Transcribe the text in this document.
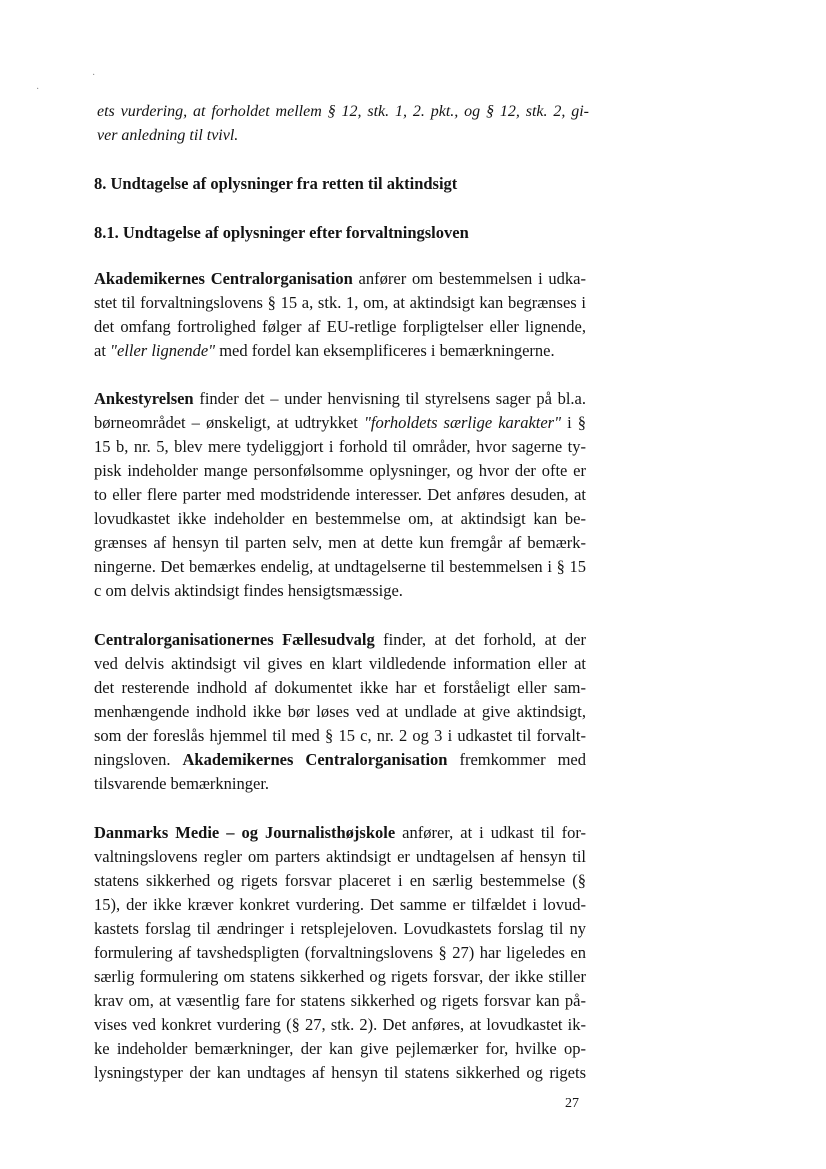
·
·
ets vurdering, at forholdet mellem § 12, stk. 1, 2. pkt., og § 12, stk. 2, gi-
ver anledning til tvivl.
8. Undtagelse af oplysninger fra retten til aktindsigt
8.1. Undtagelse af oplysninger efter forvaltningsloven
Akademikernes Centralorganisation anfører om bestemmelsen i udka-
stet til forvaltningslovens § 15 a, stk. 1, om, at aktindsigt kan begrænses i
det omfang fortrolighed følger af EU-retlige forpligtelser eller lignende,
at "eller lignende" med fordel kan eksemplificeres i bemærkningerne.
Ankestyrelsen finder det – under henvisning til styrelsens sager på bl.a.
børneområdet – ønskeligt, at udtrykket "forholdets særlige karakter" i §
15 b, nr. 5, blev mere tydeliggjort i forhold til områder, hvor sagerne ty-
pisk indeholder mange personfølsomme oplysninger, og hvor der ofte er
to eller flere parter med modstridende interesser. Det anføres desuden, at
lovudkastet ikke indeholder en bestemmelse om, at aktindsigt kan be-
grænses af hensyn til parten selv, men at dette kun fremgår af bemærk-
ningerne. Det bemærkes endelig, at undtagelserne til bestemmelsen i § 15
c om delvis aktindsigt findes hensigtsmæssige.
Centralorganisationernes Fællesudvalg finder, at det forhold, at der
ved delvis aktindsigt vil gives en klart vildledende information eller at
det resterende indhold af dokumentet ikke har et forståeligt eller sam-
menhængende indhold ikke bør løses ved at undlade at give aktindsigt,
som der foreslås hjemmel til med § 15 c, nr. 2 og 3 i udkastet til forvalt-
ningsloven. Akademikernes Centralorganisation fremkommer med
tilsvarende bemærkninger.
Danmarks Medie – og Journalisthøjskole anfører, at i udkast til for-
valtningslovens regler om parters aktindsigt er undtagelsen af hensyn til
statens sikkerhed og rigets forsvar placeret i en særlig bestemmelse (§
15), der ikke kræver konkret vurdering. Det samme er tilfældet i lovud-
kastets forslag til ændringer i retsplejeloven. Lovudkastets forslag til ny
formulering af tavshedspligten (forvaltningslovens § 27) har ligeledes en
særlig formulering om statens sikkerhed og rigets forsvar, der ikke stiller
krav om, at væsentlig fare for statens sikkerhed og rigets forsvar kan på-
vises ved konkret vurdering (§ 27, stk. 2). Det anføres, at lovudkastet ik-
ke indeholder bemærkninger, der kan give pejlemærker for, hvilke op-
lysningstyper der kan undtages af hensyn til statens sikkerhed og rigets
27
